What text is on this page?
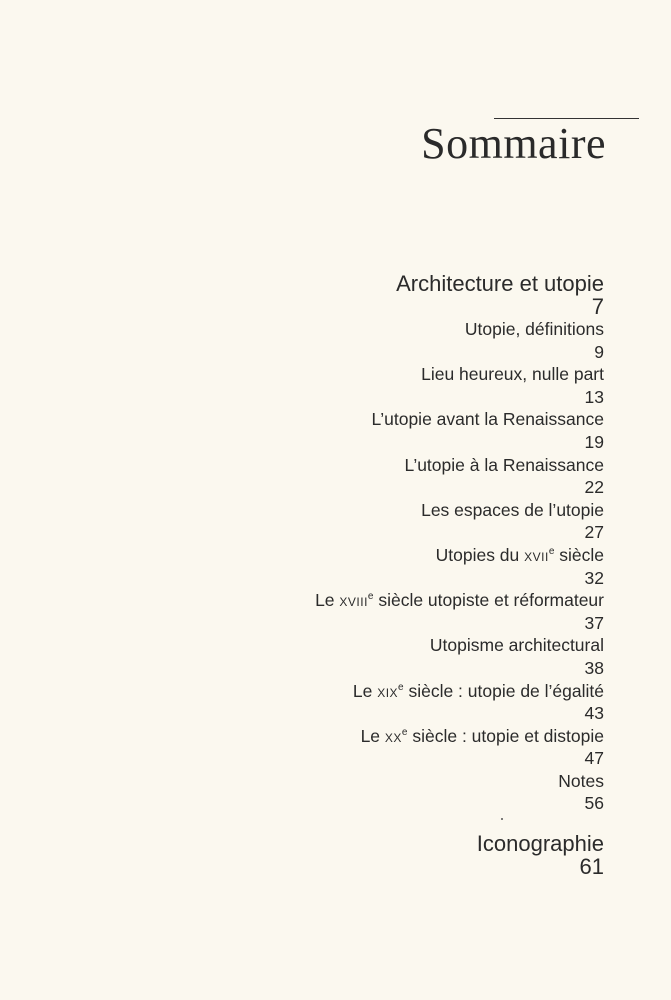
Sommaire
Architecture et utopie
7
Utopie, définitions
9
Lieu heureux, nulle part
13
L’utopie avant la Renaissance
19
L’utopie à la Renaissance
22
Les espaces de l’utopie
27
Utopies du xvii$^e$ siècle
32
Le xviii$^e$ siècle utopiste et réformateur
37
Utopisme architectural
38
Le xix$^e$ siècle : utopie de l’égalité
43
Le $xx^e$ siècle : utopie et distopie
47
Notes
56
Iconographie
61
